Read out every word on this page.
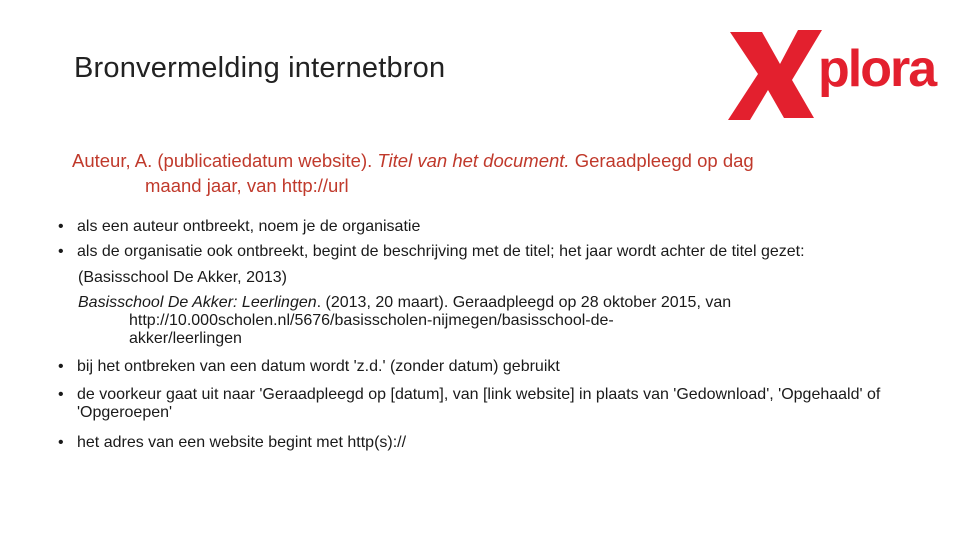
Bronvermelding internetbron	plora
Auteur, A. (publicatiedatum website). Titel van het document. Geraadpleegd op dag
maand jaar, van http://url
• als een auteur ontbreekt, noem je de organisatie
• als de organisatie ook ontbreekt, begint de beschrijving met de titel; het jaar wordt achter de titel gezet:
(Basisschool De Akker, 2013)
Basisschool De Akker: Leerlingen. (2013, 20 maart). Geraadpleegd op 28 oktober 2015, van
http://10.000scholen.nl/5676/basisscholen-nijmegen/basisschool-de-
akker/leerlingen
• bij het ontbreken van een datum wordt 'z.d.' (zonder datum) gebruikt
• de voorkeur gaat uit naar 'Geraadpleegd op [datum], van [link website] in plaats van 'Gedownload', 'Opgehaald' of 'Opgeroepen'
• het adres van een website begint met http(s)://
